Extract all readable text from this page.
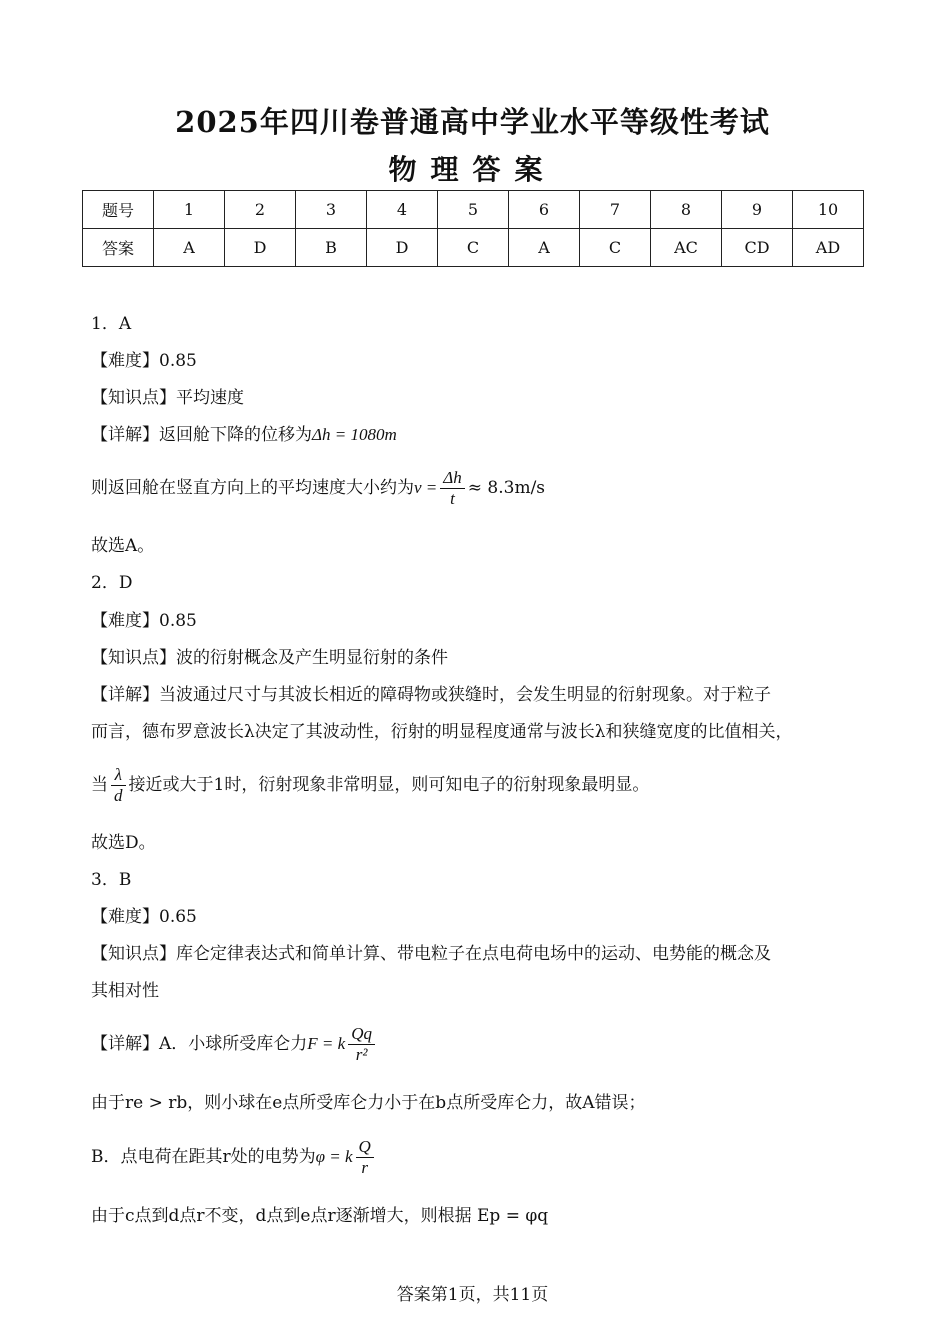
2025年四川卷普通高中学业水平等级性考试
物理答案
题号	1	2	3	4	5	6	7	8	9	10
答案	A	D	B	D	C	A	C	AC	CD	AD
1．A
【难度】0.85
【知识点】平均速度
【详解】返回舱下降的位移为Δh = 1080m
则返回舱在竖直方向上的平均速度大小约为$v = \frac{\Delta h}{t} \approx 8.3m/s$
故选A。
2．D
【难度】0.85
【知识点】波的衍射概念及产生明显衍射的条件
【详解】当波通过尺寸与其波长相近的障碍物或狭缝时，会发生明显的衍射现象。对于粒子
而言，德布罗意波长λ决定了其波动性，衍射的明显程度通常与波长λ和狭缝宽度的比值相关，
当 $\frac{\lambda}{d}$ 接近或大于1时，衍射现象非常明显，则可知电子的衍射现象最明显。
故选D。
3．B
【难度】0.65
【知识点】库仑定律表达式和简单计算、带电粒子在点电荷电场中的运动、电势能的概念及
其相对性
【详解】A．小球所受库仑力F = k $\frac{Qq}{\text{r²}}$
由于re > rb，则小球在e点所受库仑力小于在b点所受库仑力，故A错误；
B．点电荷在距其r处的电势为φ = k $\frac{Q}{r}$
由于c点到d点r不变，d点到e点r逐渐增大，则根据 Ep = φq
答案第1页，共11页
